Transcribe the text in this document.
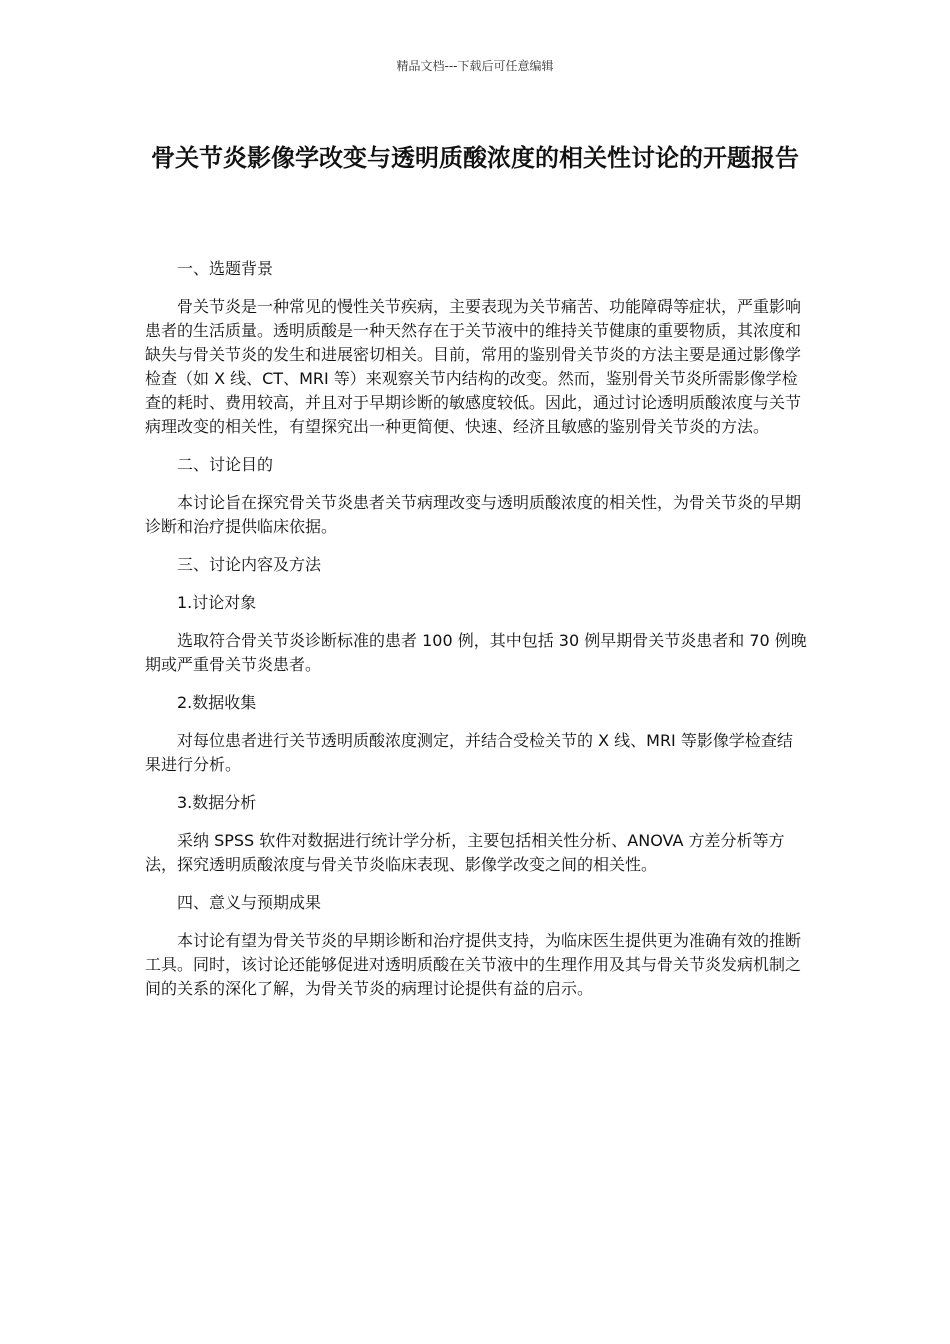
精品文档---下载后可任意编辑
骨关节炎影像学改变与透明质酸浓度的相关性讨论的开题报告

一、选题背景

骨关节炎是一种常见的慢性关节疾病，主要表现为关节痛苦、功能障碍等症状，严重影响患者的生活质量。透明质酸是一种天然存在于关节液中的维持关节健康的重要物质，其浓度和缺失与骨关节炎的发生和进展密切相关。目前，常用的鉴别骨关节炎的方法主要是通过影像学检查（如 X 线、CT、MRI 等）来观察关节内结构的改变。然而，鉴别骨关节炎所需影像学检查的耗时、费用较高，并且对于早期诊断的敏感度较低。因此，通过讨论透明质酸浓度与关节病理改变的相关性，有望探究出一种更简便、快速、经济且敏感的鉴别骨关节炎的方法。

二、讨论目的

本讨论旨在探究骨关节炎患者关节病理改变与透明质酸浓度的相关性，为骨关节炎的早期诊断和治疗提供临床依据。

三、讨论内容及方法

1.讨论对象

选取符合骨关节炎诊断标准的患者 100 例，其中包括 30 例早期骨关节炎患者和 70 例晚期或严重骨关节炎患者。

2.数据收集

对每位患者进行关节透明质酸浓度测定，并结合受检关节的 X 线、MRI 等影像学检查结果进行分析。

3.数据分析

采纳 SPSS 软件对数据进行统计学分析，主要包括相关性分析、ANOVA 方差分析等方法，探究透明质酸浓度与骨关节炎临床表现、影像学改变之间的相关性。

四、意义与预期成果

本讨论有望为骨关节炎的早期诊断和治疗提供支持，为临床医生提供更为准确有效的推断工具。同时，该讨论还能够促进对透明质酸在关节液中的生理作用及其与骨关节炎发病机制之间的关系的深化了解，为骨关节炎的病理讨论提供有益的启示。
